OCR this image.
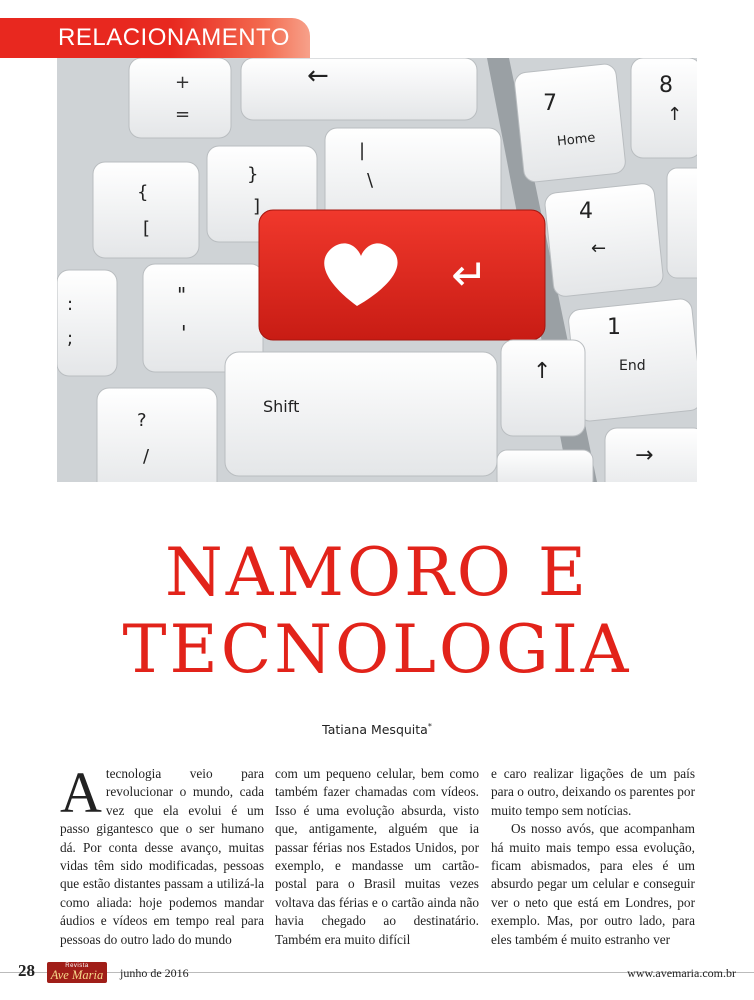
RELACIONAMENTO
+
=
←
7
Home
8
↑
}
]
{
[
|
\
4
←
:
;
"
'
↵
1
End
?
/
Shift
↑
→
NAMORO E
TECNOLOGIA
Tatiana Mesquita*
A tecnologia veio para revolucionar o mundo, cada vez que ela evolui é um passo gigantesco que o ser humano dá. Por conta desse avanço, muitas vidas têm sido modificadas, pessoas que estão distantes passam a utilizá-la como aliada: hoje podemos mandar áudios e vídeos em tempo real para pessoas do outro lado do mundo

com um pequeno celular, bem como também fazer chamadas com vídeos. Isso é uma evolução absurda, visto que, antigamente, alguém que ia passar férias nos Estados Unidos, por exemplo, e mandasse um cartão-postal para o Brasil muitas vezes voltava das férias e o cartão ainda não havia chegado ao destinatário. Também era muito difícil

e caro realizar ligações de um país para o outro, deixando os parentes por muito tempo sem notícias.

Os nosso avós, que acompanham há muito mais tempo essa evolução, ficam abismados, para eles é um absurdo pegar um celular e conseguir ver o neto que está em Londres, por exemplo. Mas, por outro lado, para eles também é muito estranho ver

28	Revista
Ave Maria	junho de 2016	www.avemaria.com.br
